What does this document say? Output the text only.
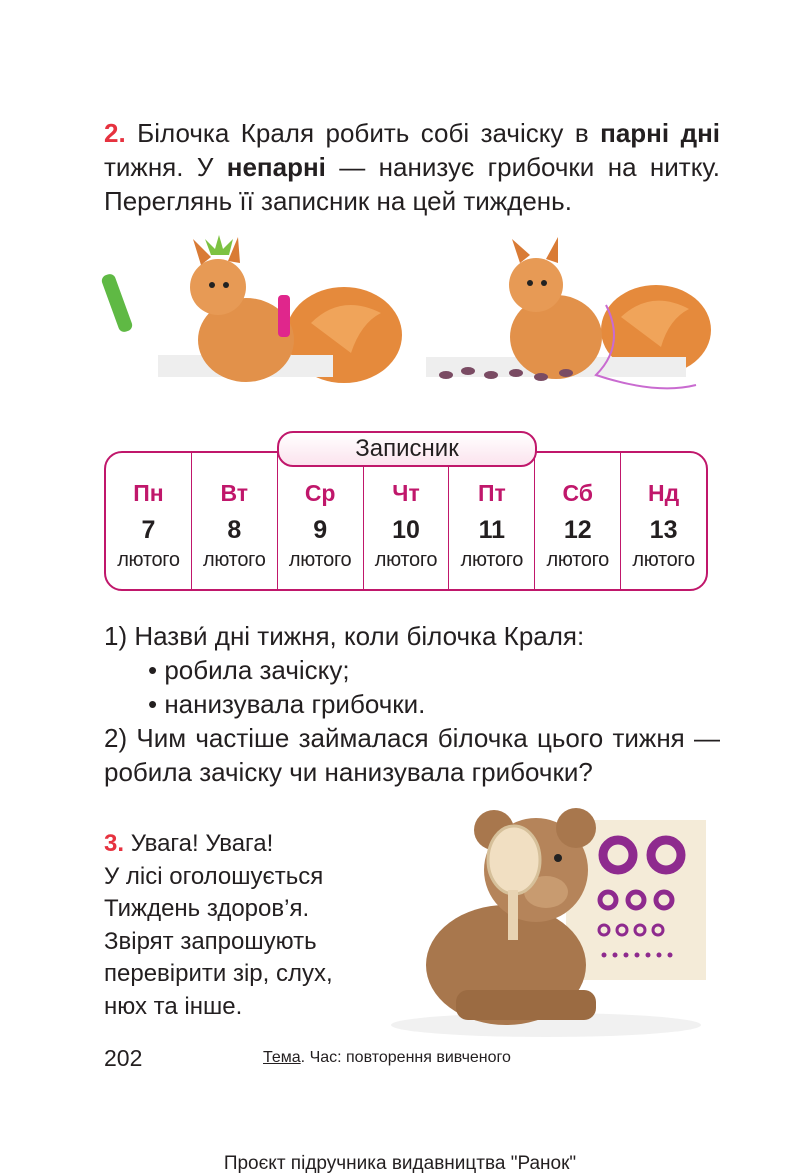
2. Білочка Краля робить собі зачіску в парні дні тижня. У непарні — нанизує грибочки на нитку. Переглянь її записник на цей тиждень.
Записник
Пн
7
лютого
Вт
8
лютого
Ср
9
лютого
Чт
10
лютого
Пт
11
лютого
Сб
12
лютого
Нд
13
лютого

1) Назви́ дні тижня, коли білочка Краля:

• робила зачіску;

• нанизувала грибочки.

2) Чим частіше займалася білочка цього тижня — робила зачіску чи нанизувала грибочки?

3. Увага! Увага!

У лісі оголошується

Тиждень здоров’я.

Звірят запрошують

перевірити зір, слух,

нюх та інше.

202	Тема. Час: повторення вивченого
Проєкт підручника видавництва "Ранок"
